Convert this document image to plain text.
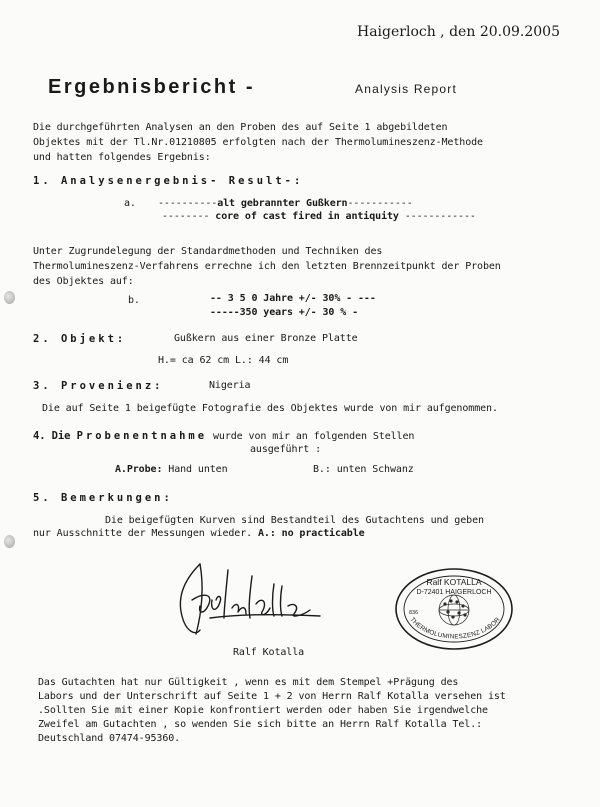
Haigerloch , den 20.09.2005
Ergebnisbericht -	Analysis Report
Die durchgeführten Analysen an den Proben des auf Seite 1 abgebildeten
Objektes mit der Tl.Nr.01210805 erfolgten nach der Thermolumineszenz-Methode
und hatten folgendes Ergebnis:
1. Analysenergebnis- Result-:
a. ----------alt gebrannter Gußkern-----------
-------- core of cast fired in antiquity ------------
Unter Zugrundelegung der Standardmethoden und Techniken des
Thermolumineszenz-Verfahrens errechne ich den letzten Brennzeitpunkt der Proben
des Objektes auf:
b.	-- 3 5 0 Jahre +/- 30% - ---
-----350 years +/- 30 % -
2. Objekt:	Gußkern aus einer Bronze Platte
H.= ca 62 cm L.: 44 cm
3. Provenienz:	Nigeria
Die auf Seite 1 beigefügte Fotografie des Objektes wurde von mir aufgenommen.
4. Die Probenentnahme wurde von mir an folgenden Stellen
ausgeführt :
A.Probe: Hand unten	B.: unten Schwanz
5. Bemerkungen:
Die beigefügten Kurven sind Bestandteil des Gutachtens und geben
nur Ausschnitte der Messungen wieder. A.: no practicable
Ralf Kotalla
Ralf KOTALLA
D-72401 HAIGERLOCH
836
THERMOLUMINESZENZ LABOR
Das Gutachten hat nur Gültigkeit , wenn es mit dem Stempel +Prägung des
Labors und der Unterschrift auf Seite 1 + 2 von Herrn Ralf Kotalla versehen ist
.Sollten Sie mit einer Kopie konfrontiert werden oder haben Sie irgendwelche
Zweifel am Gutachten , so wenden Sie sich bitte an Herrn Ralf Kotalla Tel.:
Deutschland 07474-95360.
